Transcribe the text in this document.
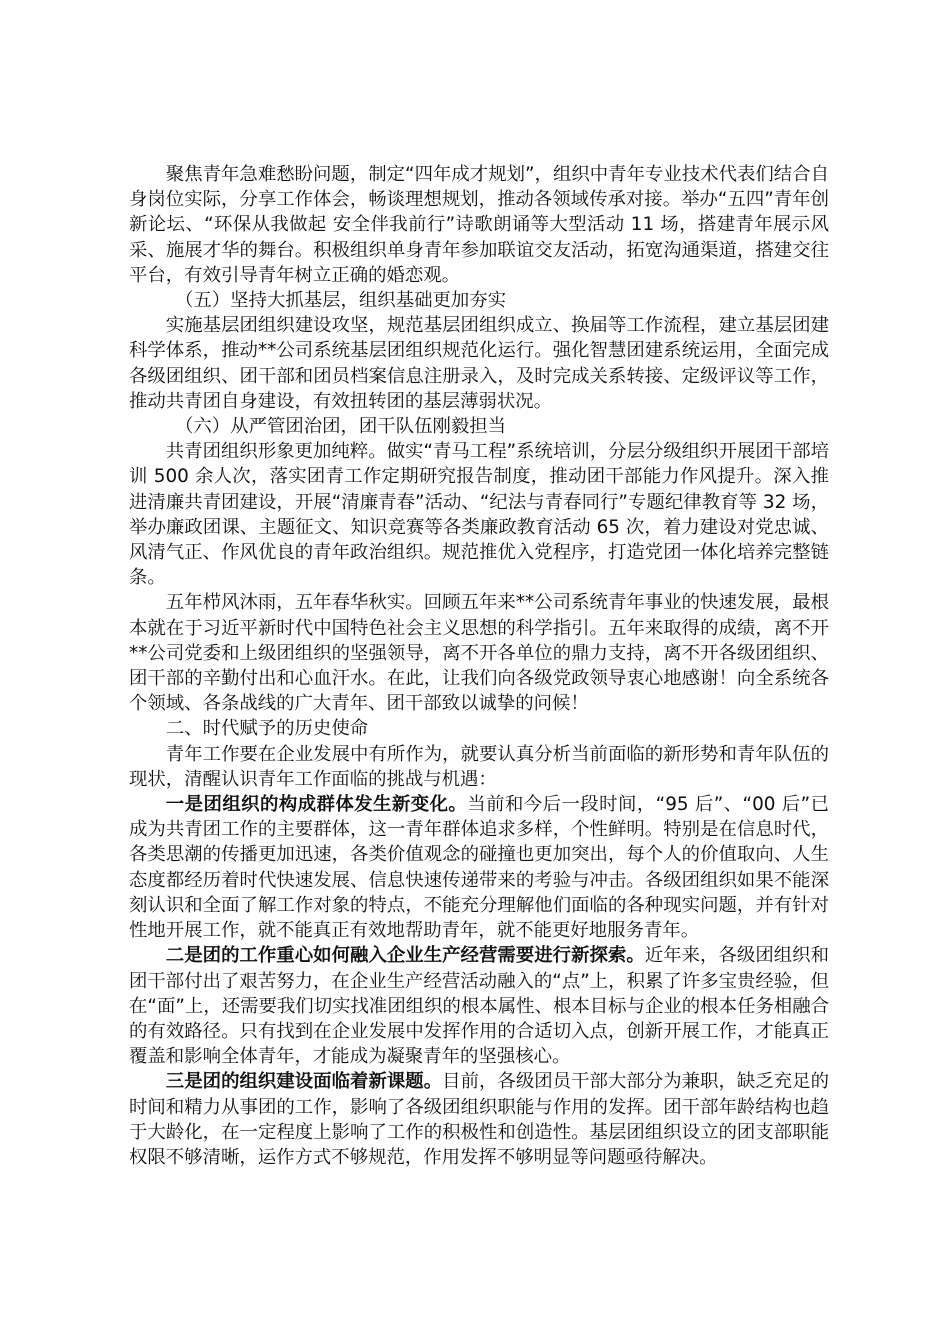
聚焦青年急难愁盼问题，制定“四年成才规划”，组织中青年专业技术代表们结合自身岗位实际，分享工作体会，畅谈理想规划，推动各领域传承对接。举办“五四”青年创新论坛、“环保从我做起 安全伴我前行”诗歌朗诵等大型活动 11 场，搭建青年展示风采、施展才华的舞台。积极组织单身青年参加联谊交友活动，拓宽沟通渠道，搭建交往平台，有效引导青年树立正确的婚恋观。

（五）坚持大抓基层，组织基础更加夯实

实施基层团组织建设攻坚，规范基层团组织成立、换届等工作流程，建立基层团建科学体系，推动**公司系统基层团组织规范化运行。强化智慧团建系统运用，全面完成各级团组织、团干部和团员档案信息注册录入，及时完成关系转接、定级评议等工作，推动共青团自身建设，有效扭转团的基层薄弱状况。

（六）从严管团治团，团干队伍刚毅担当

共青团组织形象更加纯粹。做实“青马工程”系统培训，分层分级组织开展团干部培训 500 余人次，落实团青工作定期研究报告制度，推动团干部能力作风提升。深入推进清廉共青团建设，开展“清廉青春”活动、“纪法与青春同行”专题纪律教育等 32 场，举办廉政团课、主题征文、知识竞赛等各类廉政教育活动 65 次，着力建设对党忠诚、风清气正、作风优良的青年政治组织。规范推优入党程序，打造党团一体化培养完整链条。

五年栉风沐雨，五年春华秋实。回顾五年来**公司系统青年事业的快速发展，最根本就在于习近平新时代中国特色社会主义思想的科学指引。五年来取得的成绩，离不开**公司党委和上级团组织的坚强领导，离不开各单位的鼎力支持，离不开各级团组织、团干部的辛勤付出和心血汗水。在此，让我们向各级党政领导衷心地感谢！向全系统各个领域、各条战线的广大青年、团干部致以诚挚的问候！

二、时代赋予的历史使命

青年工作要在企业发展中有所作为，就要认真分析当前面临的新形势和青年队伍的现状，清醒认识青年工作面临的挑战与机遇：

一是团组织的构成群体发生新变化。当前和今后一段时间，“95 后”、“00 后”已成为共青团工作的主要群体，这一青年群体追求多样，个性鲜明。特别是在信息时代，各类思潮的传播更加迅速，各类价值观念的碰撞也更加突出，每个人的价值取向、人生态度都经历着时代快速发展、信息快速传递带来的考验与冲击。各级团组织如果不能深刻认识和全面了解工作对象的特点，不能充分理解他们面临的各种现实问题，并有针对性地开展工作，就不能真正有效地帮助青年，就不能更好地服务青年。

二是团的工作重心如何融入企业生产经营需要进行新探索。近年来，各级团组织和团干部付出了艰苦努力，在企业生产经营活动融入的“点”上，积累了许多宝贵经验，但在“面”上，还需要我们切实找准团组织的根本属性、根本目标与企业的根本任务相融合的有效路径。只有找到在企业发展中发挥作用的合适切入点，创新开展工作，才能真正覆盖和影响全体青年，才能成为凝聚青年的坚强核心。

三是团的组织建设面临着新课题。目前，各级团员干部大部分为兼职，缺乏充足的时间和精力从事团的工作，影响了各级团组织职能与作用的发挥。团干部年龄结构也趋于大龄化，在一定程度上影响了工作的积极性和创造性。基层团组织设立的团支部职能权限不够清晰，运作方式不够规范，作用发挥不够明显等问题亟待解决。
